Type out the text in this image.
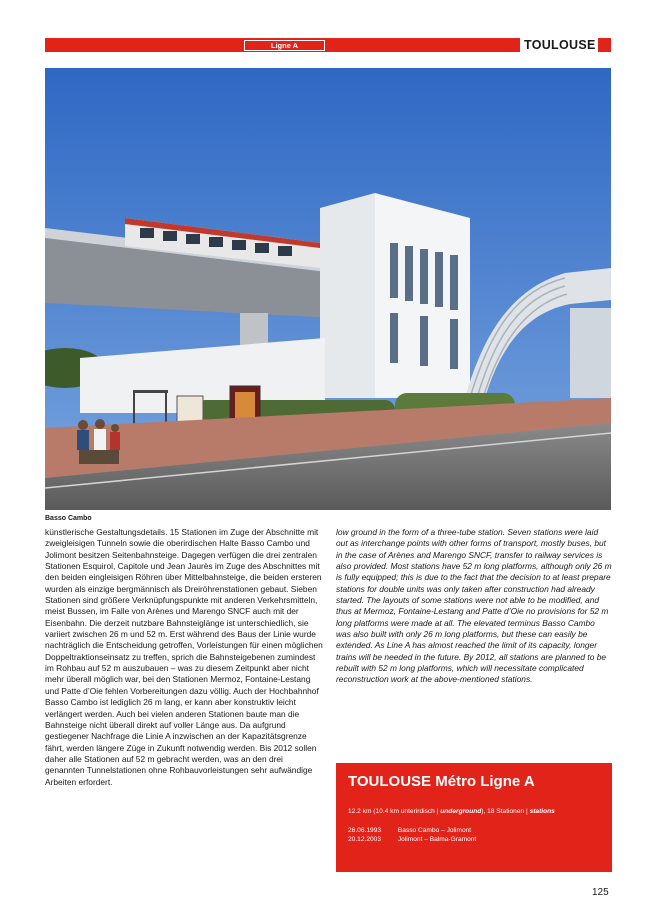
Ligne A	TOULOUSE
Basso Cambo
künstlerische Gestaltungsdetails. 15 Stationen im Zuge der Abschnitte mit zweigleisigen Tunneln sowie die oberirdischen Halte Basso Cambo und Jolimont besitzen Seitenbahnsteige. Dagegen verfügen die drei zentralen Stationen Esquirol, Capitole und Jean Jaurès im Zuge des Abschnittes mit den beiden eingleisigen Röhren über Mittelbahnsteige, die beiden ersteren wurden als einzige bergmännisch als Dreiröhrenstationen gebaut. Sieben Stationen sind größere Verknüpfungspunkte mit anderen Verkehrsmitteln, meist Bussen, im Falle von Arènes und Marengo SNCF auch mit der Eisenbahn. Die derzeit nutzbare Bahnsteiglänge ist unterschiedlich, sie variiert zwischen 26 m und 52 m. Erst während des Baus der Linie wurde nachträglich die Entscheidung getroffen, Vorleistungen für einen möglichen Doppeltraktionseinsatz zu treffen, sprich die Bahnsteigebenen zumindest im Rohbau auf 52 m auszubauen – was zu diesem Zeitpunkt aber nicht mehr überall möglich war, bei den Stationen Mermoz, Fontaine-Lestang und Patte d’Oie fehlen Vorbereitungen dazu völlig. Auch der Hochbahnhof Basso Cambo ist lediglich 26 m lang, er kann aber konstruktiv leicht verlängert werden. Auch bei vielen anderen Stationen baute man die Bahnsteige nicht überall direkt auf voller Länge aus. Da aufgrund gestiegener Nachfrage die Linie A inzwischen an der Kapazitätsgrenze fährt, werden längere Züge in Zukunft notwendig werden. Bis 2012 sollen daher alle Stationen auf 52 m gebracht werden, was an den drei genannten Tunnelstationen ohne Rohbauvorleistungen sehr aufwändige Arbeiten erfordert.
low ground in the form of a three-tube station. Seven stations were laid out as interchange points with other forms of transport, mostly buses, but in the case of Arènes and Marengo SNCF, transfer to railway services is also provided. Most stations have 52 m long platforms, although only 26 m is fully equipped; this is due to the fact that the decision to at least prepare stations for double units was only taken after construction had already started. The layouts of some stations were not able to be modified, and thus at Mermoz, Fontaine-Lestang and Patte d’Oie no provisions for 52 m long platforms were made at all. The elevated terminus Basso Cambo was also built with only 26 m long platforms, but these can easily be extended. As Line A has almost reached the limit of its capacity, longer trains will be needed in the future. By 2012, all stations are planned to be rebuilt with 52 m long platforms, which will necessitate complicated reconstruction work at the above-mentioned stations.
TOULOUSE Métro Ligne A
12.2 km (10.4 km unterirdisch | underground), 18 Stationen | stations
26.06.1993	Basso Cambo – Jolimont
20.12.2003	Jolimont – Balma-Gramont
125
